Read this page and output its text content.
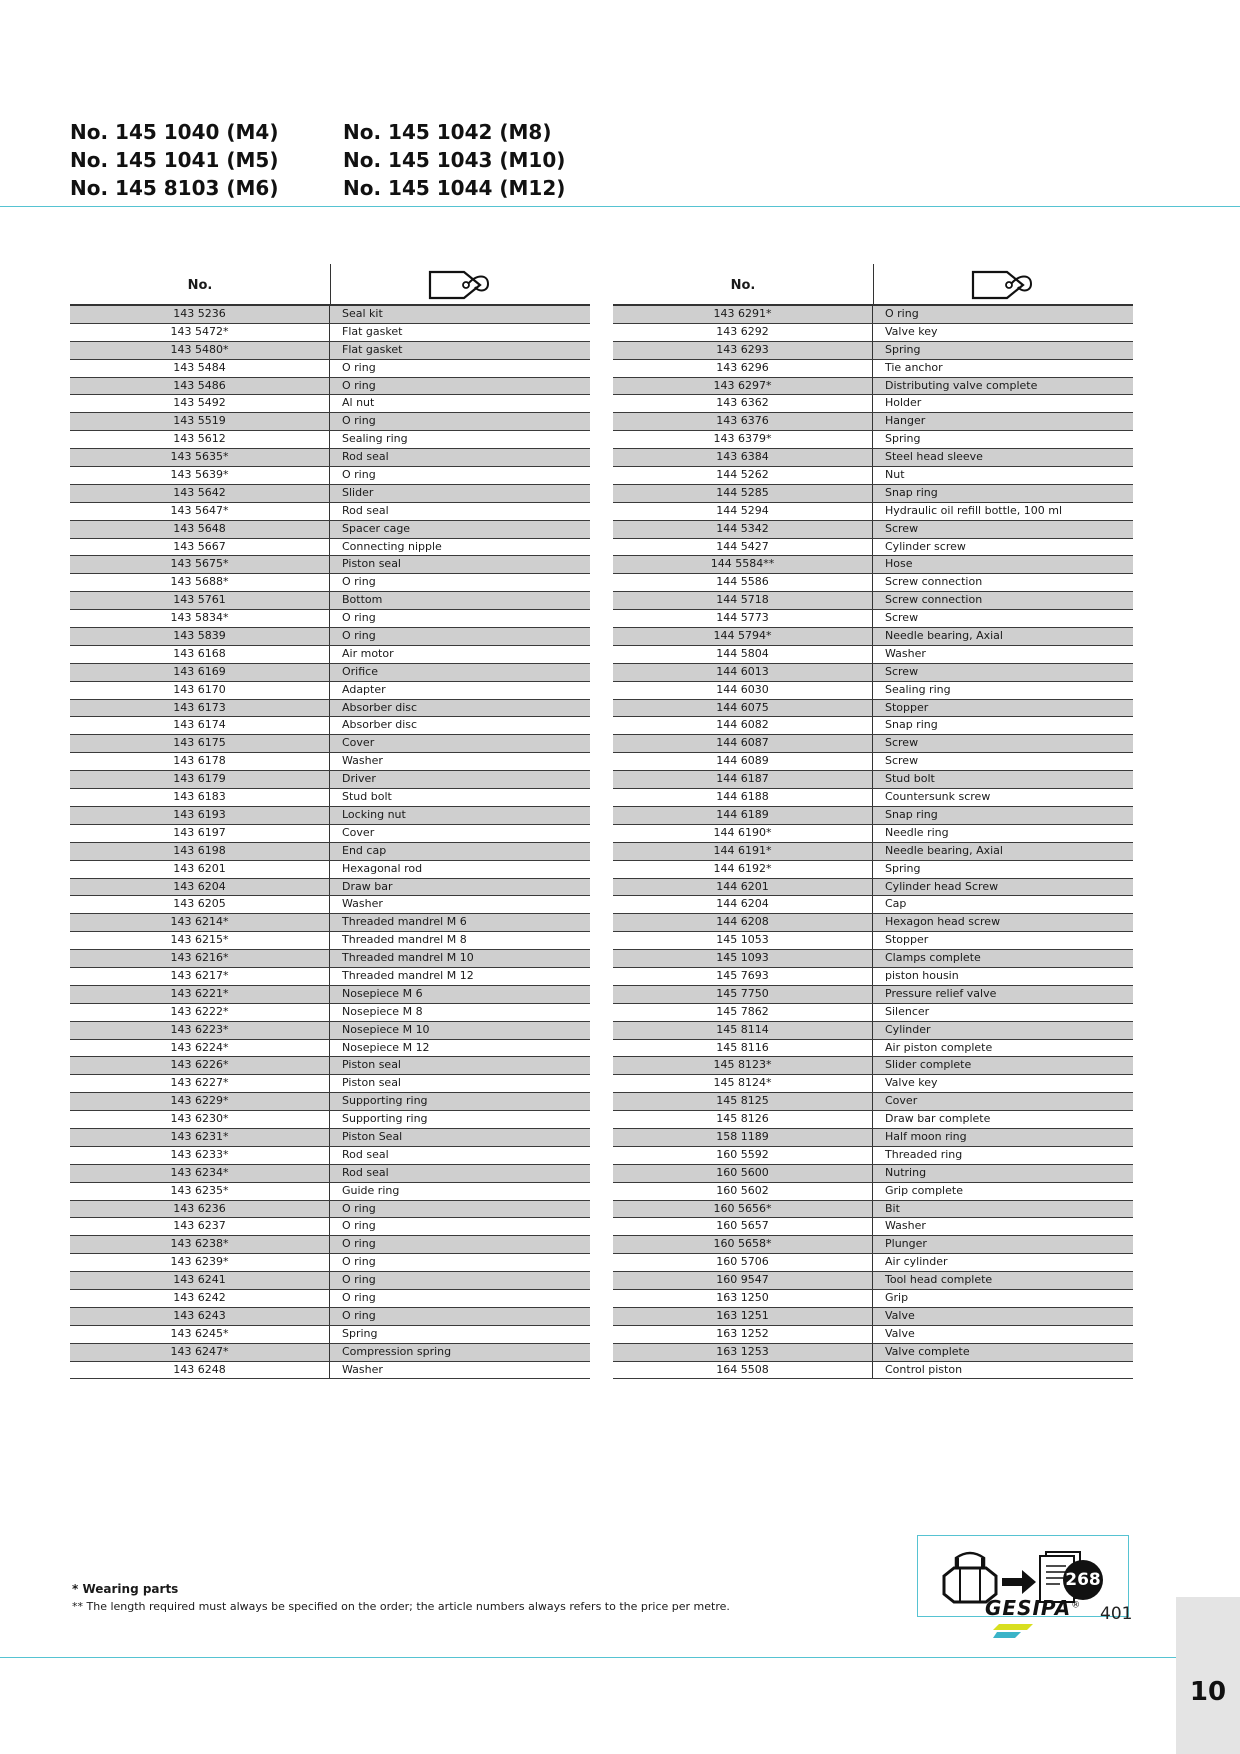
No. 145 1040 (M4)
No. 145 1041 (M5)
No. 145 8103 (M6)
No. 145 1042 (M8)
No. 145 1043 (M10)
No. 145 1044 (M12)
No.
143 5236	Seal kit
143 5472*	Flat gasket
143 5480*	Flat gasket
143 5484	O ring
143 5486	O ring
143 5492	Al nut
143 5519	O ring
143 5612	Sealing ring
143 5635*	Rod seal
143 5639*	O ring
143 5642	Slider
143 5647*	Rod seal
143 5648	Spacer cage
143 5667	Connecting nipple
143 5675*	Piston seal
143 5688*	O ring
143 5761	Bottom
143 5834*	O ring
143 5839	O ring
143 6168	Air motor
143 6169	Orifice
143 6170	Adapter
143 6173	Absorber disc
143 6174	Absorber disc
143 6175	Cover
143 6178	Washer
143 6179	Driver
143 6183	Stud bolt
143 6193	Locking nut
143 6197	Cover
143 6198	End cap
143 6201	Hexagonal rod
143 6204	Draw bar
143 6205	Washer
143 6214*	Threaded mandrel M 6
143 6215*	Threaded mandrel M 8
143 6216*	Threaded mandrel M 10
143 6217*	Threaded mandrel M 12
143 6221*	Nosepiece M 6
143 6222*	Nosepiece M 8
143 6223*	Nosepiece M 10
143 6224*	Nosepiece M 12
143 6226*	Piston seal
143 6227*	Piston seal
143 6229*	Supporting ring
143 6230*	Supporting ring
143 6231*	Piston Seal
143 6233*	Rod seal
143 6234*	Rod seal
143 6235*	Guide ring
143 6236	O ring
143 6237	O ring
143 6238*	O ring
143 6239*	O ring
143 6241	O ring
143 6242	O ring
143 6243	O ring
143 6245*	Spring
143 6247*	Compression spring
143 6248	Washer
No.
143 6291*	O ring
143 6292	Valve key
143 6293	Spring
143 6296	Tie anchor
143 6297*	Distributing valve complete
143 6362	Holder
143 6376	Hanger
143 6379*	Spring
143 6384	Steel head sleeve
144 5262	Nut
144 5285	Snap ring
144 5294	Hydraulic oil refill bottle, 100 ml
144 5342	Screw
144 5427	Cylinder screw
144 5584**	Hose
144 5586	Screw connection
144 5718	Screw connection
144 5773	Screw
144 5794*	Needle bearing, Axial
144 5804	Washer
144 6013	Screw
144 6030	Sealing ring
144 6075	Stopper
144 6082	Snap ring
144 6087	Screw
144 6089	Screw
144 6187	Stud bolt
144 6188	Countersunk screw
144 6189	Snap ring
144 6190*	Needle ring
144 6191*	Needle bearing, Axial
144 6192*	Spring
144 6201	Cylinder head Screw
144 6204	Cap
144 6208	Hexagon head screw
145 1053	Stopper
145 1093	Clamps complete
145 7693	piston housin
145 7750	Pressure relief valve
145 7862	Silencer
145 8114	Cylinder
145 8116	Air piston complete
145 8123*	Slider complete
145 8124*	Valve key
145 8125	Cover
145 8126	Draw bar complete
158 1189	Half moon ring
160 5592	Threaded ring
160 5600	Nutring
160 5602	Grip complete
160 5656*	Bit
160 5657	Washer
160 5658*	Plunger
160 5706	Air cylinder
160 9547	Tool head complete
163 1250	Grip
163 1251	Valve
163 1252	Valve
163 1253	Valve complete
164 5508	Control piston
* Wearing parts
** The length required must always be specified on the order; the article numbers always refers to the price per metre.
268
GESIPA® 401
10
